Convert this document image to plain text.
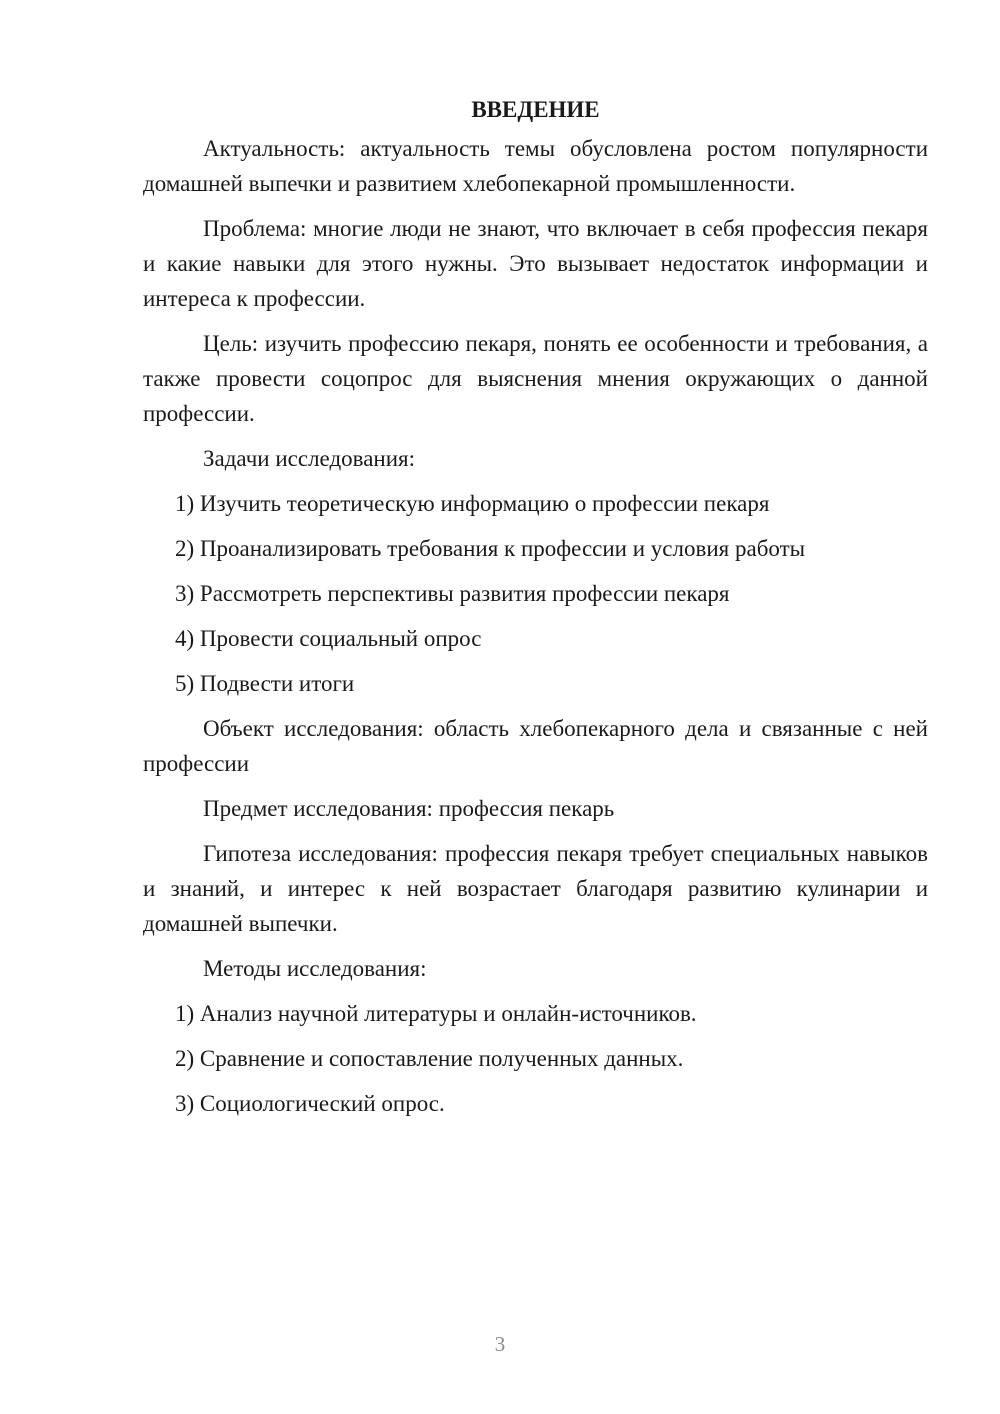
ВВЕДЕНИЕ

Актуальность: актуальность темы обусловлена ростом популярности домашней выпечки и развитием хлебопекарной промышленности.

Проблема: многие люди не знают, что включает в себя профессия пекаря и какие навыки для этого нужны. Это вызывает недостаток информации и интереса к профессии.

Цель: изучить профессию пекаря, понять ее особенности и требования, а также провести соцопрос для выяснения мнения окружающих о данной профессии.

Задачи исследования:

1) Изучить теоретическую информацию о профессии пекаря
2) Проанализировать требования к профессии и условия работы
3) Рассмотреть перспективы развития профессии пекаря
4) Провести социальный опрос
5) Подвести итоги

Объект исследования: область хлебопекарного дела и связанные с ней профессии

Предмет исследования: профессия пекарь

Гипотеза исследования: профессия пекаря требует специальных навыков и знаний, и интерес к ней возрастает благодаря развитию кулинарии и домашней выпечки.

Методы исследования:

1) Анализ научной литературы и онлайн-источников.
2) Сравнение и сопоставление полученных данных.
3) Социологический опрос.
3
